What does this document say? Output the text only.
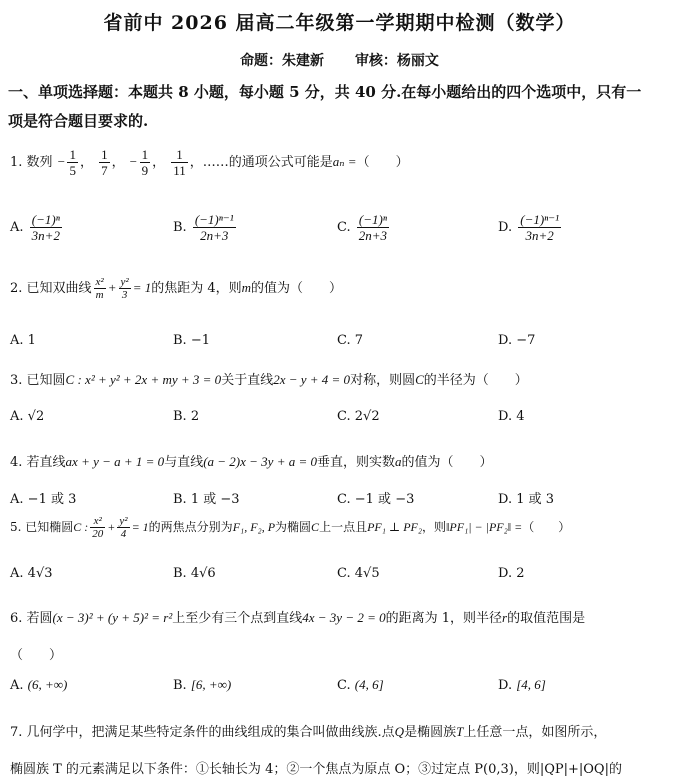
省前中 2026 届高二年级第一学期期中检测（数学）
命题：朱建新 审核：杨丽文
一、单项选择题：本题共 8 小题，每小题 5 分，共 40 分.在每小题给出的四个选项中，只有一
项是符合题目要求的.
1. 数列 − $\frac{1}{5}$ ， $\frac{1}{7}$ ， − $\frac{1}{9}$ ， $\frac{1}{11}$ ，……的通项公式可能是aₙ =（　　）
A. $\frac{\text{(−1)ⁿ}}{3n+2}$	B. $\frac{\text{(−1)ⁿ⁻¹}}{2n+3}$	C. $\frac{\text{(−1)ⁿ}}{2n+3}$	D. $\frac{\text{(−1)ⁿ⁻¹}}{3n+2}$
2. 已知双曲线 $\frac{\text{x²}}{m} + \frac{\text{y²}}{3} = 1$的焦距为 4，则m的值为（　　）
A. 1	B. −1	C. 7	D. −7
3. 已知圆C : x² + y² + 2x + my + 3 = 0关于直线2x − y + 4 = 0对称，则圆C的半径为（　　）
A. √2	B. 2	C. 2√2	D. 4
4. 若直线ax + y − a + 1 = 0与直线(a − 2)x − 3y + a = 0垂直，则实数a的值为（　　）
A. −1 或 3	B. 1 或 −3	C. −1 或 −3	D. 1 或 3
5. 已知椭圆C : $\frac{\text{x²}}{20} + \frac{\text{y²}}{4} = 1$的两焦点分别为F₁, F₂, P为椭圆C上一点且PF₁ ⊥ PF₂，则‖PF₁| − |PF₂‖ =（　　）
A. 4√3	B. 4√6	C. 4√5	D. 2
6. 若圆(x − 3)² + (y + 5)² = r²上至少有三个点到直线4x − 3y − 2 = 0的距离为 1，则半径r的取值范围是
（　　）
A. (6, +∞)	B. [6, +∞)	C. (4, 6]	D. [4, 6]
7. 几何学中，把满足某些特定条件的曲线组成的集合叫做曲线族.点Q是椭圆族T上任意一点，如图所示，
椭圆族 T 的元素满足以下条件：①长轴长为 4；②一个焦点为原点 O；③过定点 P(0,3)，则|QP|+|OQ|的
